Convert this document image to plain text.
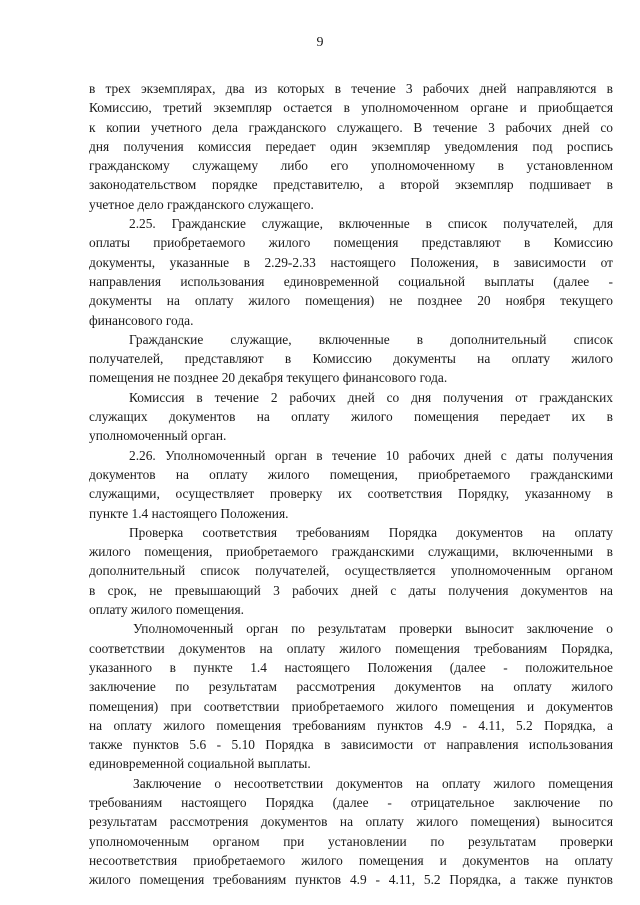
9
в трех экземплярах, два из которых в течение 3 рабочих дней направляются в
Комиссию, третий экземпляр остается в уполномоченном органе и приобщается
к копии учетного дела гражданского служащего. В течение 3 рабочих дней со
дня получения комиссия передает один экземпляр уведомления под роспись
гражданскому служащему либо его уполномоченному в установленном
законодательством порядке представителю, а второй экземпляр подшивает в
учетное дело гражданского служащего.
2.25. Гражданские служащие, включенные в список получателей, для
оплаты приобретаемого жилого помещения представляют в Комиссию
документы, указанные в 2.29-2.33 настоящего Положения, в зависимости от
направления использования единовременной социальной выплаты (далее -
документы на оплату жилого помещения) не позднее 20 ноября текущего
финансового года.
Гражданские служащие, включенные в дополнительный список
получателей, представляют в Комиссию документы на оплату жилого
помещения не позднее 20 декабря текущего финансового года.
Комиссия в течение 2 рабочих дней со дня получения от гражданских
служащих документов на оплату жилого помещения передает их в
уполномоченный орган.
2.26. Уполномоченный орган в течение 10 рабочих дней с даты получения
документов на оплату жилого помещения, приобретаемого гражданскими
служащими, осуществляет проверку их соответствия Порядку, указанному в
пункте 1.4 настоящего Положения.
Проверка соответствия требованиям Порядка документов на оплату
жилого помещения, приобретаемого гражданскими служащими, включенными в
дополнительный список получателей, осуществляется уполномоченным органом
в срок, не превышающий 3 рабочих дней с даты получения документов на
оплату жилого помещения.
Уполномоченный орган по результатам проверки выносит заключение о
соответствии документов на оплату жилого помещения требованиям Порядка,
указанного в пункте 1.4 настоящего Положения (далее - положительное
заключение по результатам рассмотрения документов на оплату жилого
помещения) при соответствии приобретаемого жилого помещения и документов
на оплату жилого помещения требованиям пунктов 4.9 - 4.11, 5.2 Порядка, а
также пунктов 5.6 - 5.10 Порядка в зависимости от направления использования
единовременной социальной выплаты.
Заключение о несоответствии документов на оплату жилого помещения
требованиям настоящего Порядка (далее - отрицательное заключение по
результатам рассмотрения документов на оплату жилого помещения) выносится
уполномоченным органом при установлении по результатам проверки
несоответствия приобретаемого жилого помещения и документов на оплату
жилого помещения требованиям пунктов 4.9 - 4.11, 5.2 Порядка, а также пунктов
